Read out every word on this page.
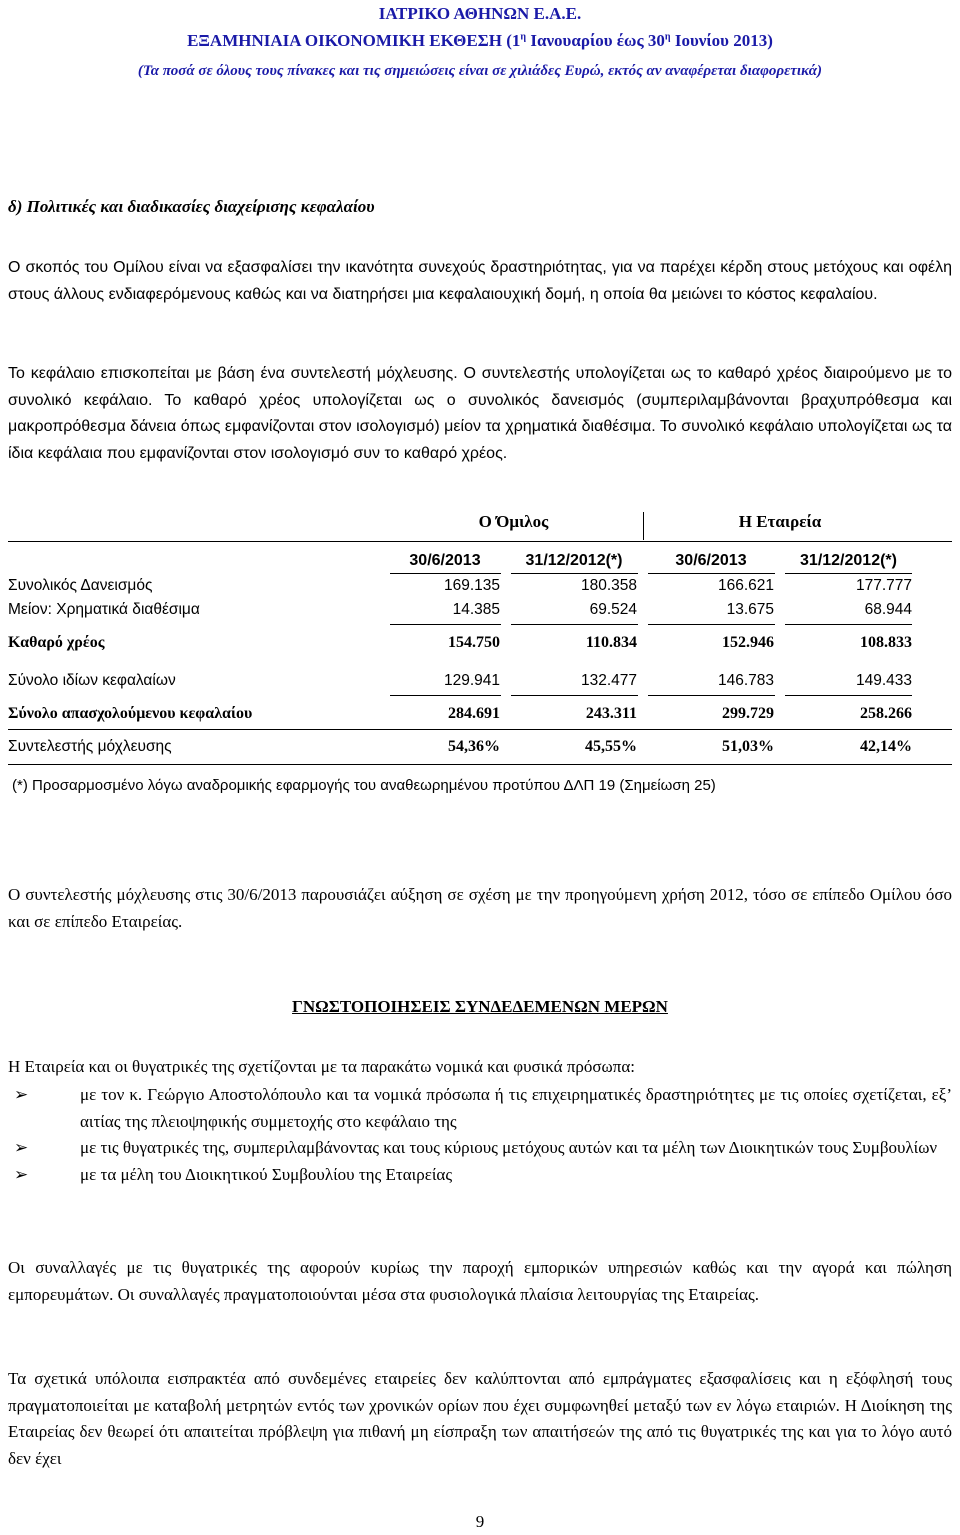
ΙΑΤΡΙΚΟ ΑΘΗΝΩΝ Ε.Α.Ε.
ΕΞΑΜΗΝΙΑΙΑ ΟΙΚΟΝΟΜΙΚΗ ΕΚΘΕΣΗ ($1^\eta$ Ιανουαρίου έως $30^\eta$ Ιουνίου 2013)
(Τα ποσά σε όλους τους πίνακες και τις σημειώσεις είναι σε χιλιάδες Ευρώ, εκτός αν αναφέρεται διαφορετικά)
δ) Πολιτικές και διαδικασίες διαχείρισης κεφαλαίου
Ο σκοπός του Ομίλου είναι να εξασφαλίσει την ικανότητα συνεχούς δραστηριότητας, για να παρέχει κέρδη στους μετόχους και οφέλη στους άλλους ενδιαφερόμενους καθώς και να διατηρήσει μια κεφαλαιουχική δομή, η οποία θα μειώνει το κόστος κεφαλαίου.
Το κεφάλαιο επισκοπείται με βάση ένα συντελεστή μόχλευσης. Ο συντελεστής υπολογίζεται ως το καθαρό χρέος διαιρούμενο με το συνολικό κεφάλαιο. Το καθαρό χρέος υπολογίζεται ως ο συνολικός δανεισμός (συμπεριλαμβάνονται βραχυπρόθεσμα και μακροπρόθεσμα δάνεια όπως εμφανίζονται στον ισολογισμό) μείον τα χρηματικά διαθέσιμα. Το συνολικό κεφάλαιο υπολογίζεται ως τα ίδια κεφάλαια που εμφανίζονται στον ισολογισμό συν το καθαρό χρέος.
Ο Όμιλος	Η Εταιρεία
30/6/2013	31/12/2012(*)	30/6/2013	31/12/2012(*)
Συνολικός Δανεισμός	169.135	180.358	166.621	177.777
Μείον: Χρηματικά διαθέσιμα	14.385	69.524	13.675	68.944
Καθαρό χρέος	154.750	110.834	152.946	108.833
Σύνολο ιδίων κεφαλαίων	129.941	132.477	146.783	149.433
Σύνολο απασχολούμενου κεφαλαίου	284.691	243.311	299.729	258.266
Συντελεστής μόχλευσης	54,36%	45,55%	51,03%	42,14%
(*) Προσαρμοσμένο λόγω αναδρομικής εφαρμογής του αναθεωρημένου προτύπου ΔΛΠ 19 (Σημείωση 25)
Ο συντελεστής μόχλευσης στις 30/6/2013 παρουσιάζει αύξηση σε σχέση με την προηγούμενη χρήση 2012, τόσο σε επίπεδο Ομίλου όσο και σε επίπεδο Εταιρείας.
ΓΝΩΣΤΟΠΟΙΗΣΕΙΣ ΣΥΝΔΕΔΕΜΕΝΩΝ ΜΕΡΩΝ
Η Εταιρεία και οι θυγατρικές της σχετίζονται με τα παρακάτω νομικά και φυσικά πρόσωπα:
➢	με τον κ. Γεώργιο Αποστολόπουλο και τα νομικά πρόσωπα ή τις επιχειρηματικές δραστηριότητες με τις οποίες σχετίζεται, εξ’ αιτίας της πλειοψηφικής συμμετοχής στο κεφάλαιο της
➢	με τις θυγατρικές της, συμπεριλαμβάνοντας και τους κύριους μετόχους αυτών και τα μέλη των Διοικητικών τους Συμβουλίων
➢	με τα μέλη του Διοικητικού Συμβουλίου της Εταιρείας
Οι συναλλαγές με τις θυγατρικές της αφορούν κυρίως την παροχή εμπορικών υπηρεσιών καθώς και την αγορά και πώληση εμπορευμάτων. Οι συναλλαγές πραγματοποιούνται μέσα στα φυσιολογικά πλαίσια λειτουργίας της Εταιρείας.
Τα σχετικά υπόλοιπα εισπρακτέα από συνδεμένες εταιρείες δεν καλύπτονται από εμπράγματες εξασφαλίσεις και η εξόφλησή τους πραγματοποιείται με καταβολή μετρητών εντός των χρονικών ορίων που έχει συμφωνηθεί μεταξύ των εν λόγω εταιριών. Η Διοίκηση της Εταιρείας δεν θεωρεί ότι απαιτείται πρόβλεψη για πιθανή μη είσπραξη των απαιτήσεών της από τις θυγατρικές της και για το λόγο αυτό δεν έχει
9
